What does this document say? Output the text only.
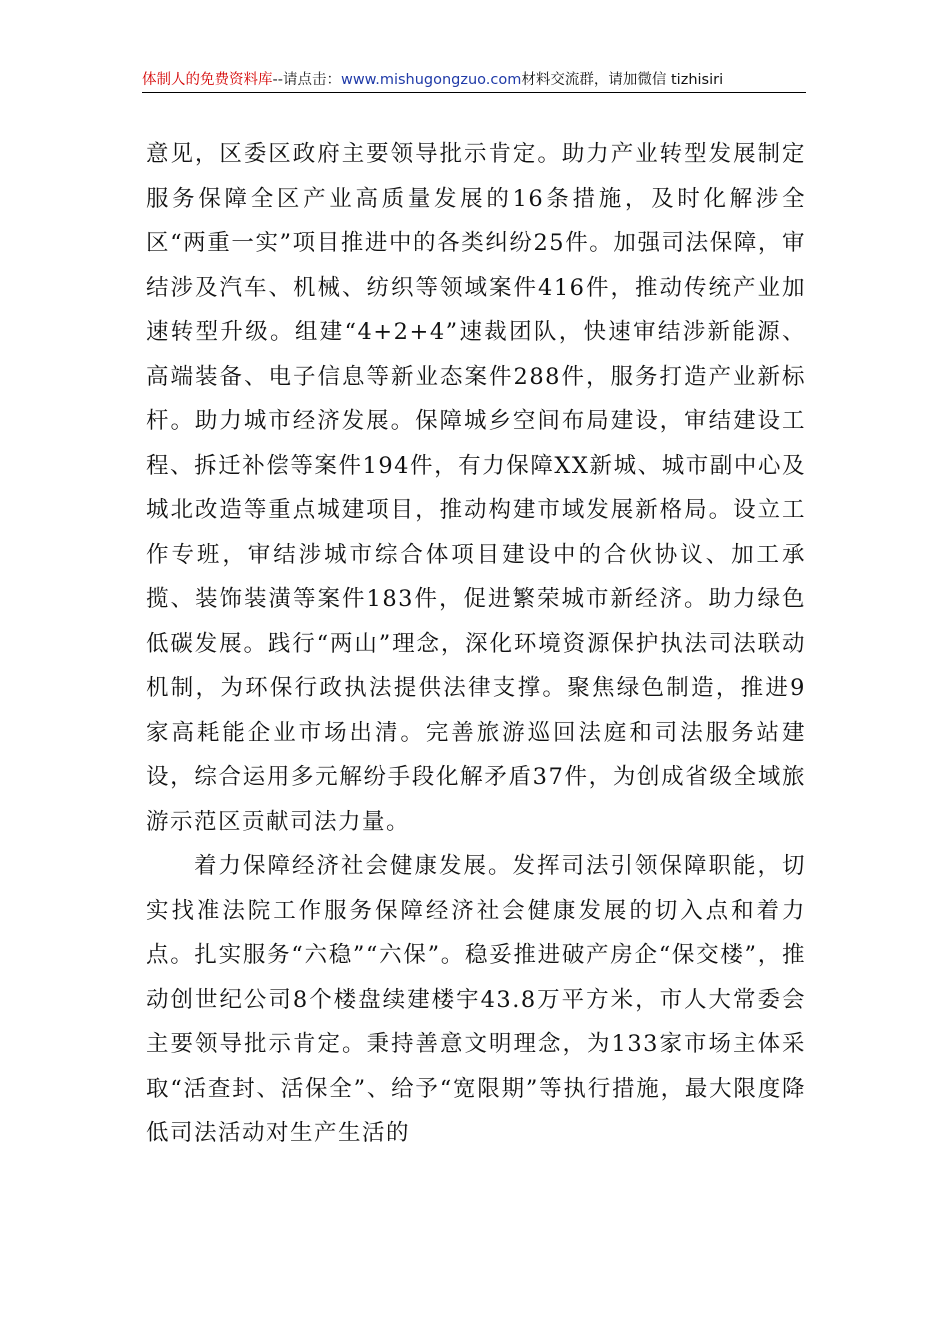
体制人的免费资料库--请点击：www.mishugongzuo.com材料交流群，请加微信 tizhisiri

意见，区委区政府主要领导批示肯定。助力产业转型发展制定服务保障全区产业高质量发展的16条措施，及时化解涉全区“两重一实”项目推进中的各类纠纷25件。加强司法保障，审结涉及汽车、机械、纺织等领域案件416件，推动传统产业加速转型升级。组建“4+2+4”速裁团队，快速审结涉新能源、高端装备、电子信息等新业态案件288件，服务打造产业新标杆。助力城市经济发展。保障城乡空间布局建设，审结建设工程、拆迁补偿等案件194件，有力保障XX新城、城市副中心及城北改造等重点城建项目，推动构建市域发展新格局。设立工作专班，审结涉城市综合体项目建设中的合伙协议、加工承揽、装饰装潢等案件183件，促进繁荣城市新经济。助力绿色低碳发展。践行“两山”理念，深化环境资源保护执法司法联动机制，为环保行政执法提供法律支撑。聚焦绿色制造，推进9家高耗能企业市场出清。完善旅游巡回法庭和司法服务站建设，综合运用多元解纷手段化解矛盾37件，为创成省级全域旅游示范区贡献司法力量。

着力保障经济社会健康发展。发挥司法引领保障职能，切实找准法院工作服务保障经济社会健康发展的切入点和着力点。扎实服务“六稳”“六保”。稳妥推进破产房企“保交楼”，推动创世纪公司8个楼盘续建楼宇43.8万平方米，市人大常委会主要领导批示肯定。秉持善意文明理念，为133家市场主体采取“活查封、活保全”、给予“宽限期”等执行措施，最大限度降低司法活动对生产生活的
